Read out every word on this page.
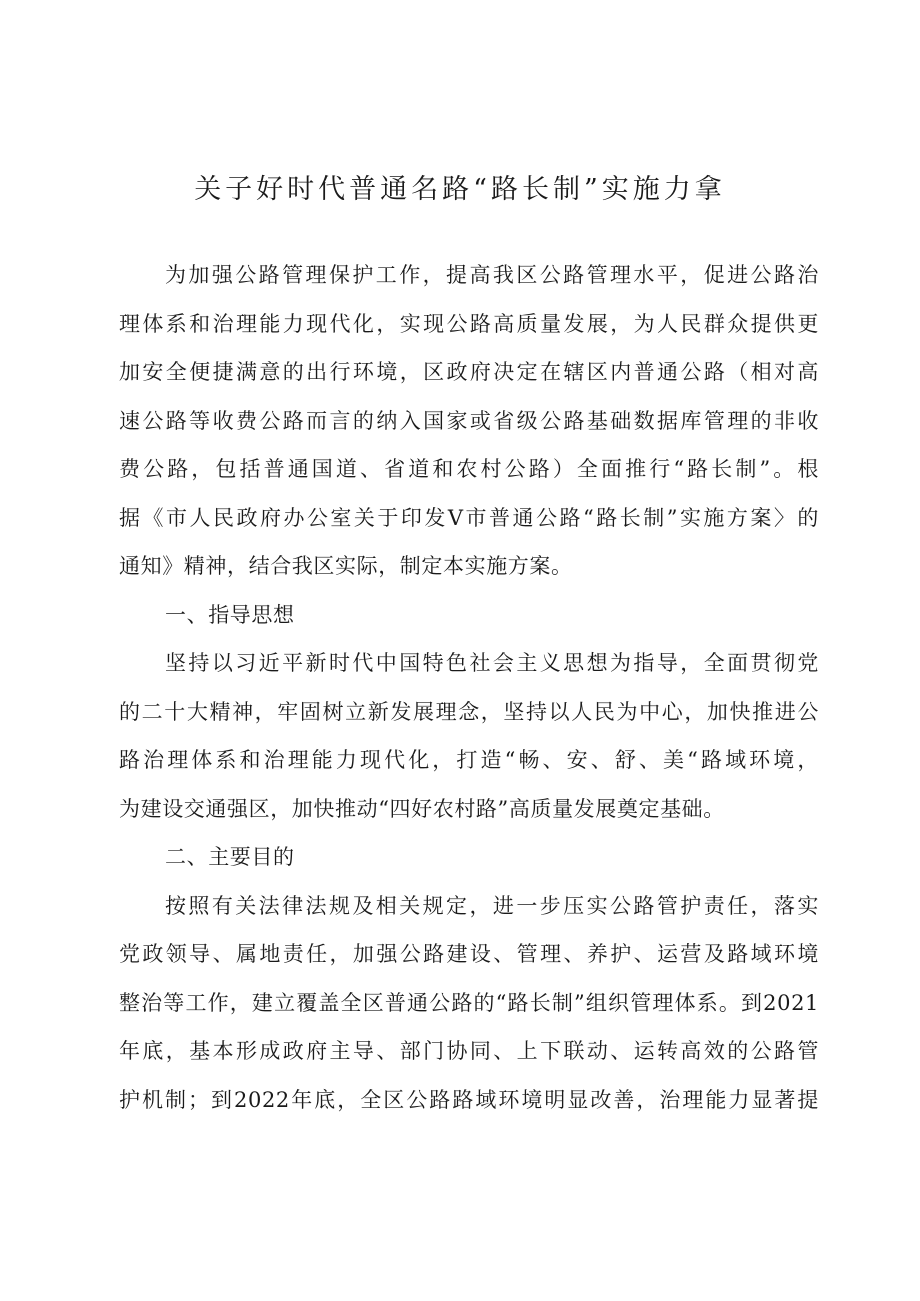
关子好时代普通名路“路长制”实施力拿
为加强公路管理保护工作，提高我区公路管理水平，促进公路治
理体系和治理能力现代化，实现公路高质量发展，为人民群众提供更
加安全便捷满意的出行环境，区政府决定在辖区内普通公路（相对高
速公路等收费公路而言的纳入国家或省级公路基础数据库管理的非收
费公路，包括普通国道、省道和农村公路）全面推行“路长制”。根
据《市人民政府办公室关于印发V市普通公路“路长制”实施方案〉的
通知》精神，结合我区实际，制定本实施方案。
一、指导思想
坚持以习近平新时代中国特色社会主义思想为指导，全面贯彻党
的二十大精神，牢固树立新发展理念，坚持以人民为中心，加快推进公
路治理体系和治理能力现代化，打造“畅、安、舒、美“路域环境，
为建设交通强区，加快推动“四好农村路”高质量发展奠定基础。
二、主要目的
按照有关法律法规及相关规定，进一步压实公路管护责任，落实
党政领导、属地责任，加强公路建设、管理、养护、运营及路域环境
整治等工作，建立覆盖全区普通公路的“路长制”组织管理体系。到2021
年底，基本形成政府主导、部门协同、上下联动、运转高效的公路管
护机制；到2022年底，全区公路路域环境明显改善，治理能力显著提
